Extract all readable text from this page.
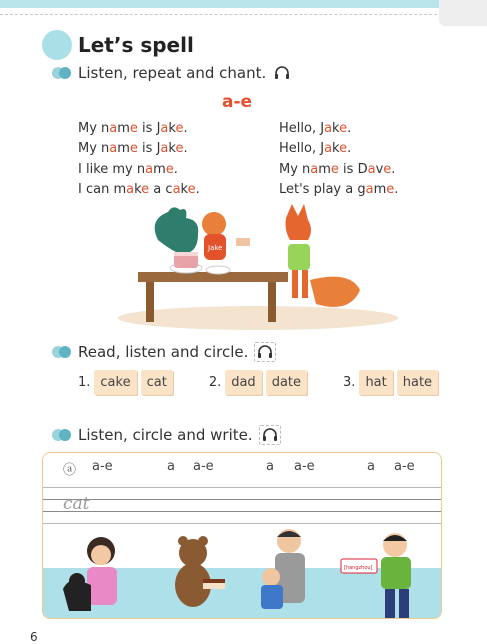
Let’s spell
Listen, repeat and chant.
a-e
My name is Jake.
My name is Jake.
I like my name.
I can make a cake.
Hello, Jake.
Hello, Jake.
My name is Dave.
Let's play a game.
Jake
Read, listen and circle.
1. cake	cat	2. dad	date	3. hat	hate
Listen, circle and write.
ⓐ a-e	a a-e	a a-e	a a-e
cat
[hangzhou]
6
